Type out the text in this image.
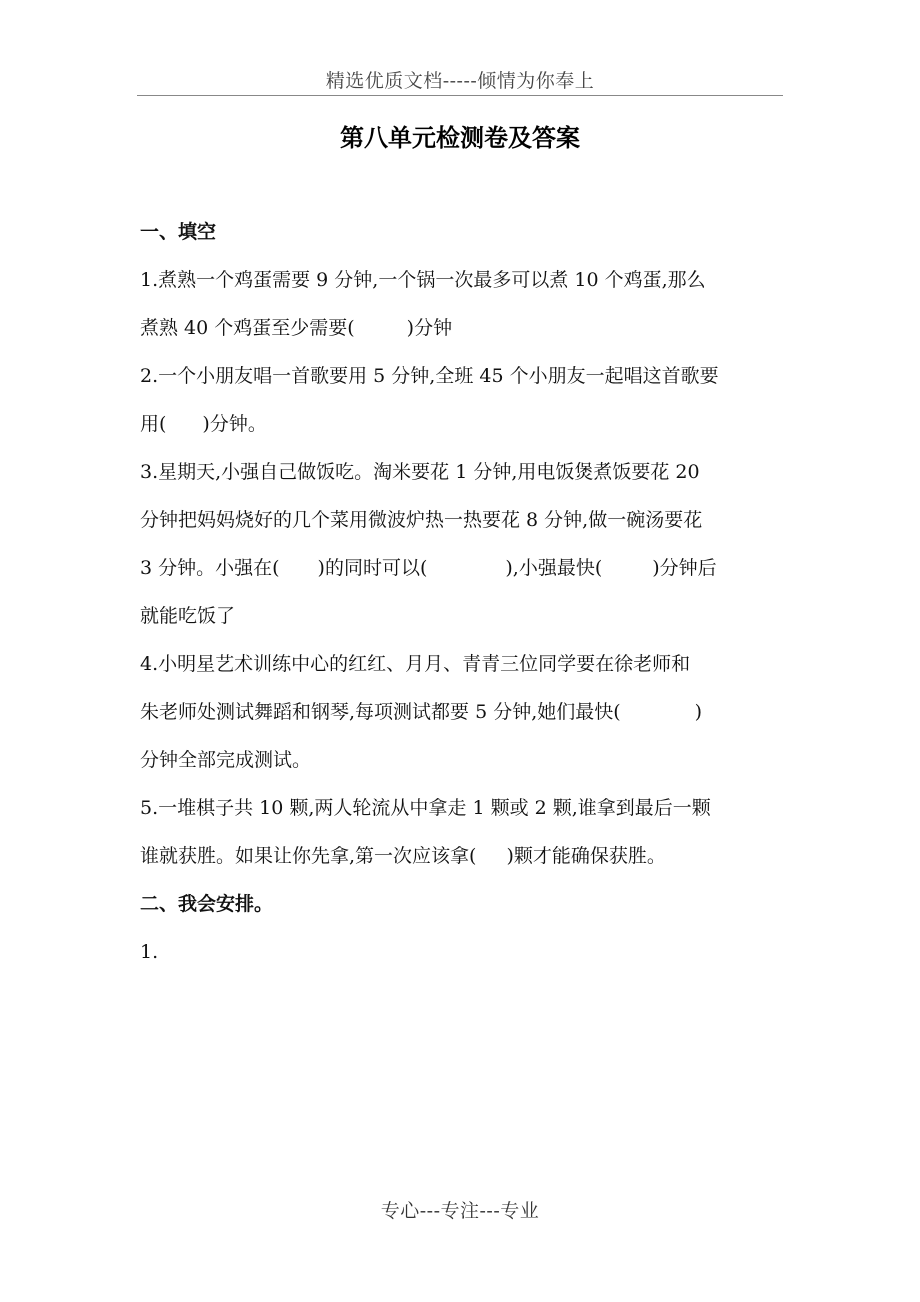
精选优质文档-----倾情为你奉上
第八单元检测卷及答案
一、填空
1.煮熟一个鸡蛋需要 9 分钟,一个锅一次最多可以煮 10 个鸡蛋,那么
煮熟 40 个鸡蛋至少需要(	)分钟
2.一个小朋友唱一首歌要用 5 分钟,全班 45 个小朋友一起唱这首歌要
用( )分钟。
3.星期天,小强自己做饭吃。淘米要花 1 分钟,用电饭煲煮饭要花 20
分钟把妈妈烧好的几个菜用微波炉热一热要花 8 分钟,做一碗汤要花
3 分钟。小强在( )的同时可以(	),小强最快(	)分钟后
就能吃饭了
4.小明星艺术训练中心的红红、月月、青青三位同学要在徐老师和
朱老师处测试舞蹈和钢琴,每项测试都要 5 分钟,她们最快(	)
分钟全部完成测试。
5.一堆棋子共 10 颗,两人轮流从中拿走 1 颗或 2 颗,谁拿到最后一颗
谁就获胜。如果让你先拿,第一次应该拿( )颗才能确保获胜。
二、我会安排。
1.
专心---专注---专业
